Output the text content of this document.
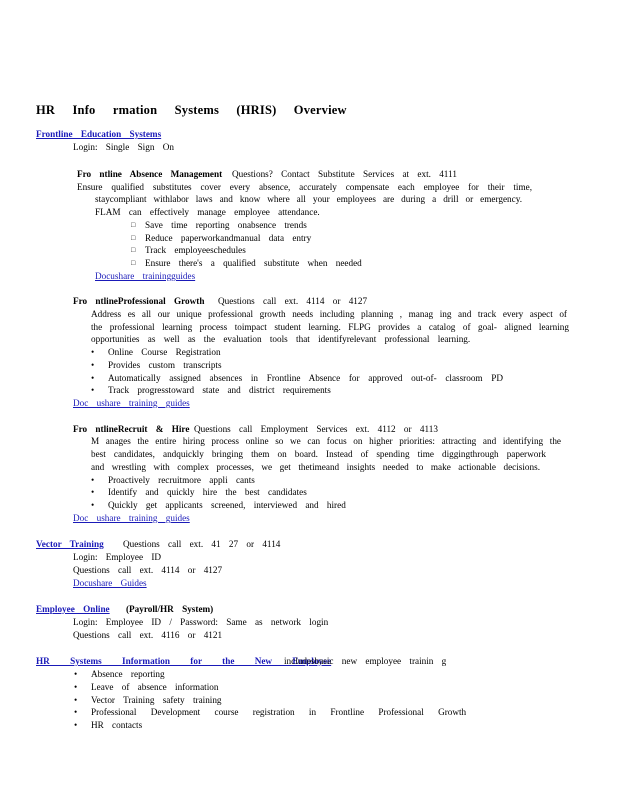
HR Info rmation Systems (HRIS) Overview
Frontline Education Systems
Login: Single Sign On
Fro ntline Absence Management Questions? Contact Substitute Services at ext. 4111
Ensure qualified substitutes cover every absence, accurately compensate each employee for their time,
staycompliant withlabor laws and know where all your employees are during a drill or emergency.
FLAM can effectively manage employee attendance.
□ Save time reporting onabsence trends
□ Reduce paperworkandmanual data entry
□ Track employeeschedules
□ Ensure there's a qualified substitute when needed
Docushare trainingguides
Fro ntlineProfessional Growth Questions call ext. 4114 or 4127
Address es all our unique professional growth needs including planning , manag ing and track every aspect of
the professional learning process toimpact student learning. FLPG provides a catalog of goal- aligned learning
opportunities as well as the evaluation tools that identifyrelevant professional learning.
• Online Course Registration
• Provides custom transcripts
• Automatically assigned absences in Frontline Absence for approved out-of- classroom PD
• Track progresstoward state and district requirements
Doc ushare training guides
Fro ntlineRecruit & Hire Questions call Employment Services ext. 4112 or 4113
M anages the entire hiring process online so we can focus on higher priorities: attracting and identifying the
best candidates, andquickly bringing them on board. Instead of spending time diggingthrough paperwork
and wrestling with complex processes, we get thetimeand insights needed to make actionable decisions.
• Proactively recruitmore appli cants
• Identify and quickly hire the best candidates
• Quickly get applicants screened, interviewed and hired
Doc ushare training guides
Vector Training	Questions call ext. 41 27 or 4114
Login: Employee ID
Questions call ext. 4114 or 4127
Docushare Guides
Employee Online	(Payroll/HR System)
Login: Employee ID / Password: Same as network login
Questions call ext. 4116 or 4121
HR Systems Information for the New Employee
includesbasic new employee trainin g
• Absence reporting
• Leave of absence information
• Vector Training safety training
• Professional Development course registration in Frontline Professional Growth
• HR contacts
